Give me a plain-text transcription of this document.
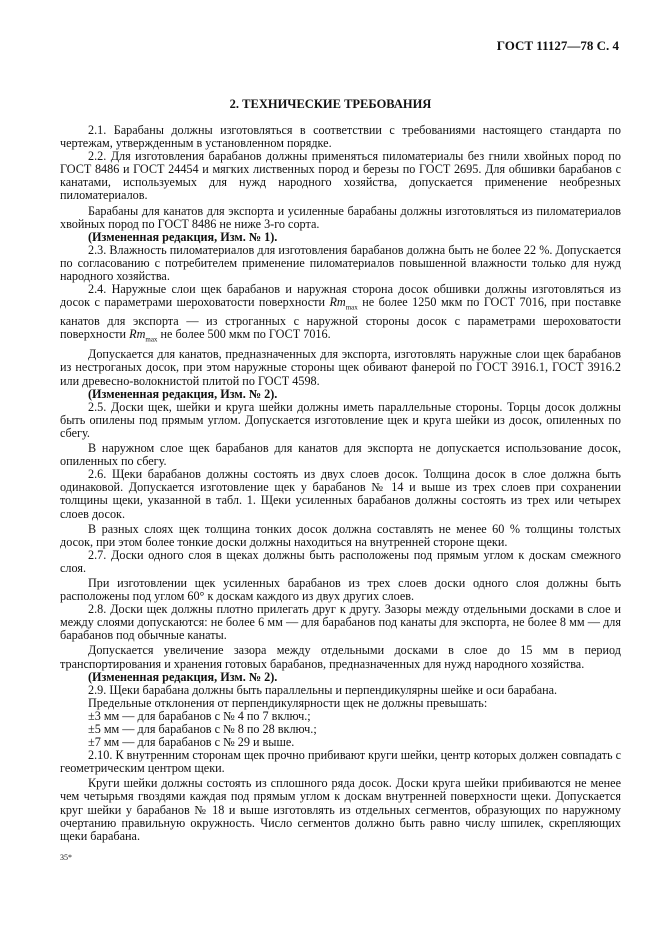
ГОСТ 11127—78 С. 4
2. ТЕХНИЧЕСКИЕ ТРЕБОВАНИЯ

2.1. Барабаны должны изготовляться в соответствии с требованиями настоящего стандарта по чертежам, утвержденным в установленном порядке.

2.2. Для изготовления барабанов должны применяться пиломатериалы без гнили хвойных пород по ГОСТ 8486 и ГОСТ 24454 и мягких лиственных пород и березы по ГОСТ 2695. Для обшивки барабанов с канатами, используемых для нужд народного хозяйства, допускается применение необрезных пиломатериалов.

Барабаны для канатов для экспорта и усиленные барабаны должны изготовляться из пиломатериалов хвойных пород по ГОСТ 8486 не ниже 3-го сорта.

(Измененная редакция, Изм. № 1).

2.3. Влажность пиломатериалов для изготовления барабанов должна быть не более 22 %. Допускается по согласованию с потребителем применение пиломатериалов повышенной влажности только для нужд народного хозяйства.

2.4. Наружные слои щек барабанов и наружная сторона досок обшивки должны изготовляться из досок с параметрами шероховатости поверхности $Rm_{max}$ не более 1250 мкм по ГОСТ 7016, при поставке канатов для экспорта — из строганных с наружной стороны досок с параметрами шероховатости поверхности $Rm_{max}$ не более 500 мкм по ГОСТ 7016.

Допускается для канатов, предназначенных для экспорта, изготовлять наружные слои щек барабанов из нестроганых досок, при этом наружные стороны щек обивают фанерой по ГОСТ 3916.1, ГОСТ 3916.2 или древесно-волокнистой плитой по ГОСТ 4598.

(Измененная редакция, Изм. № 2).

2.5. Доски щек, шейки и круга шейки должны иметь параллельные стороны. Торцы досок должны быть опилены под прямым углом. Допускается изготовление щек и круга шейки из досок, опиленных по сбегу.

В наружном слое щек барабанов для канатов для экспорта не допускается использование досок, опиленных по сбегу.

2.6. Щеки барабанов должны состоять из двух слоев досок. Толщина досок в слое должна быть одинаковой. Допускается изготовление щек у барабанов № 14 и выше из трех слоев при сохранении толщины щеки, указанной в табл. 1. Щеки усиленных барабанов должны состоять из трех или четырех слоев досок.

В разных слоях щек толщина тонких досок должна составлять не менее 60 % толщины толстых досок, при этом более тонкие доски должны находиться на внутренней стороне щеки.

2.7. Доски одного слоя в щеках должны быть расположены под прямым углом к доскам смежного слоя.

При изготовлении щек усиленных барабанов из трех слоев доски одного слоя должны быть расположены под углом 60° к доскам каждого из двух других слоев.

2.8. Доски щек должны плотно прилегать друг к другу. Зазоры между отдельными досками в слое и между слоями допускаются: не более 6 мм — для барабанов под канаты для экспорта, не более 8 мм — для барабанов под обычные канаты.

Допускается увеличение зазора между отдельными досками в слое до 15 мм в период транспортирования и хранения готовых барабанов, предназначенных для нужд народного хозяйства.

(Измененная редакция, Изм. № 2).

2.9. Щеки барабана должны быть параллельны и перпендикулярны шейке и оси барабана.

Предельные отклонения от перпендикулярности щек не должны превышать:

±3 мм — для барабанов с № 4 по 7 включ.;

±5 мм — для барабанов с № 8 по 28 включ.;

±7 мм — для барабанов с № 29 и выше.

2.10. К внутренним сторонам щек прочно прибивают круги шейки, центр которых должен совпадать с геометрическим центром щеки.

Круги шейки должны состоять из сплошного ряда досок. Доски круга шейки прибиваются не менее чем четырьмя гвоздями каждая под прямым углом к доскам внутренней поверхности щеки. Допускается круг шейки у барабанов № 18 и выше изготовлять из отдельных сегментов, образующих по наружному очертанию правильную окружность. Число сегментов должно быть равно числу шпилек, скрепляющих щеки барабана.

35*
